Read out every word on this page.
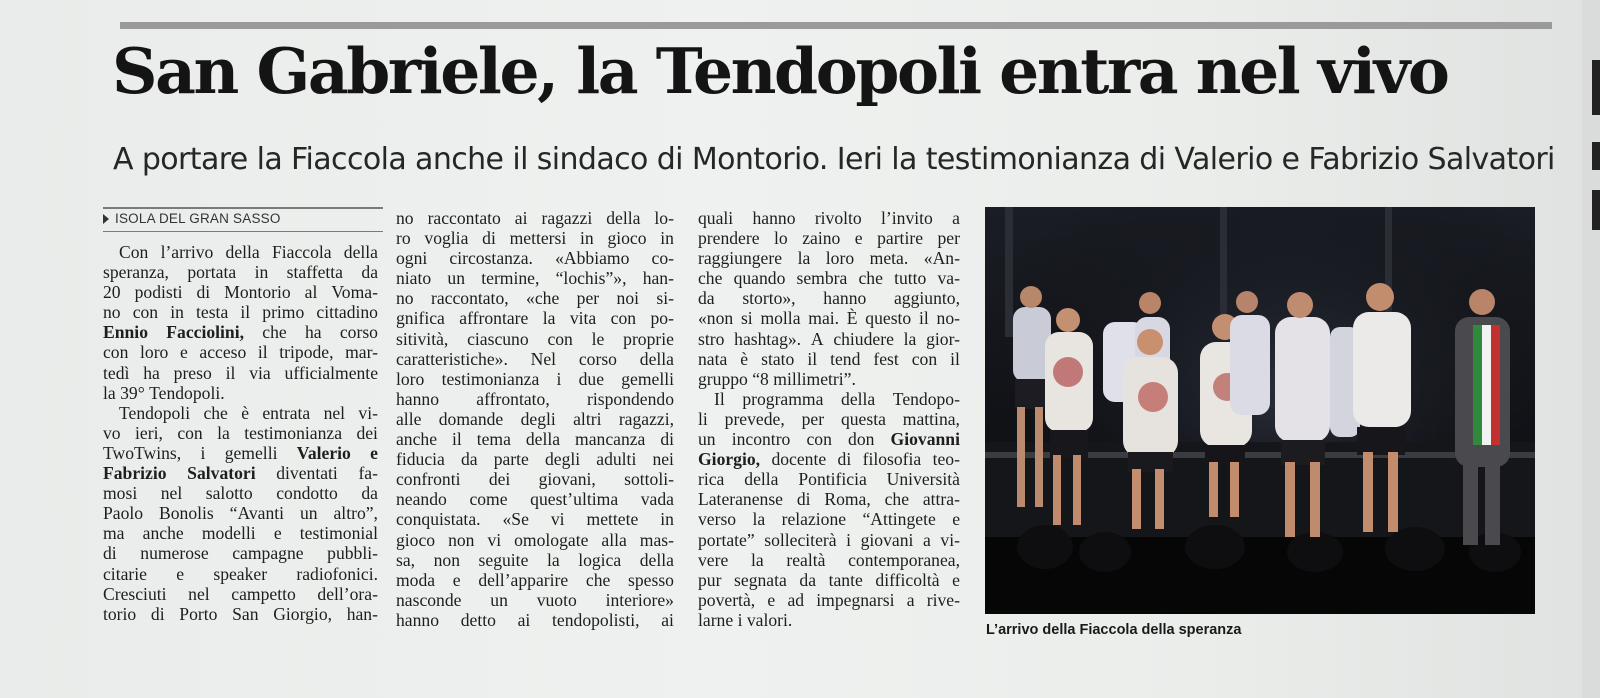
San Gabriele, la Tendopoli entra nel vivo
A portare la Fiaccola anche il sindaco di Montorio. Ieri la testimonianza di Valerio e Fabrizio Salvatori
ISOLA DEL GRAN SASSO
Con l’arrivo della Fiaccola della
speranza, portata in staffetta da
20 podisti di Montorio al Voma-
no con in testa il primo cittadino
Ennio Facciolini, che ha corso
con loro e acceso il tripode, mar-
tedì ha preso il via ufficialmente
la 39° Tendopoli.
Tendopoli che è entrata nel vi-
vo ieri, con la testimonianza dei
TwoTwins, i gemelli Valerio e
Fabrizio Salvatori diventati fa-
mosi nel salotto condotto da
Paolo Bonolis “Avanti un altro”,
ma anche modelli e testimonial
di numerose campagne pubbli-
citarie e speaker radiofonici.
Cresciuti nel campetto dell’ora-
torio di Porto San Giorgio, han-
no raccontato ai ragazzi della lo-
ro voglia di mettersi in gioco in
ogni circostanza. «Abbiamo co-
niato un termine, “lochis”», han-
no raccontato, «che per noi si-
gnifica affrontare la vita con po-
sitività, ciascuno con le proprie
caratteristiche». Nel corso della
loro testimonianza i due gemelli
hanno affrontato, rispondendo
alle domande degli altri ragazzi,
anche il tema della mancanza di
fiducia da parte degli adulti nei
confronti dei giovani, sottoli-
neando come quest’ultima vada
conquistata. «Se vi mettete in
gioco non vi omologate alla mas-
sa, non seguite la logica della
moda e dell’apparire che spesso
nasconde un vuoto interiore»
hanno detto ai tendopolisti, ai
quali hanno rivolto l’invito a
prendere lo zaino e partire per
raggiungere la loro meta. «An-
che quando sembra che tutto va-
da storto», hanno aggiunto,
«non si molla mai. È questo il no-
stro hashtag». A chiudere la gior-
nata è stato il tend fest con il
gruppo “8 millimetri”.
Il programma della Tendopo-
li prevede, per questa mattina,
un incontro con don Giovanni
Giorgio, docente di filosofia teo-
rica della Pontificia Università
Lateranense di Roma, che attra-
verso la relazione “Attingete e
portate” solleciterà i giovani a vi-
vere la realtà contemporanea,
pur segnata da tante difficoltà e
povertà, e ad impegnarsi a rive-
larne i valori.
L’arrivo della Fiaccola della speranza
